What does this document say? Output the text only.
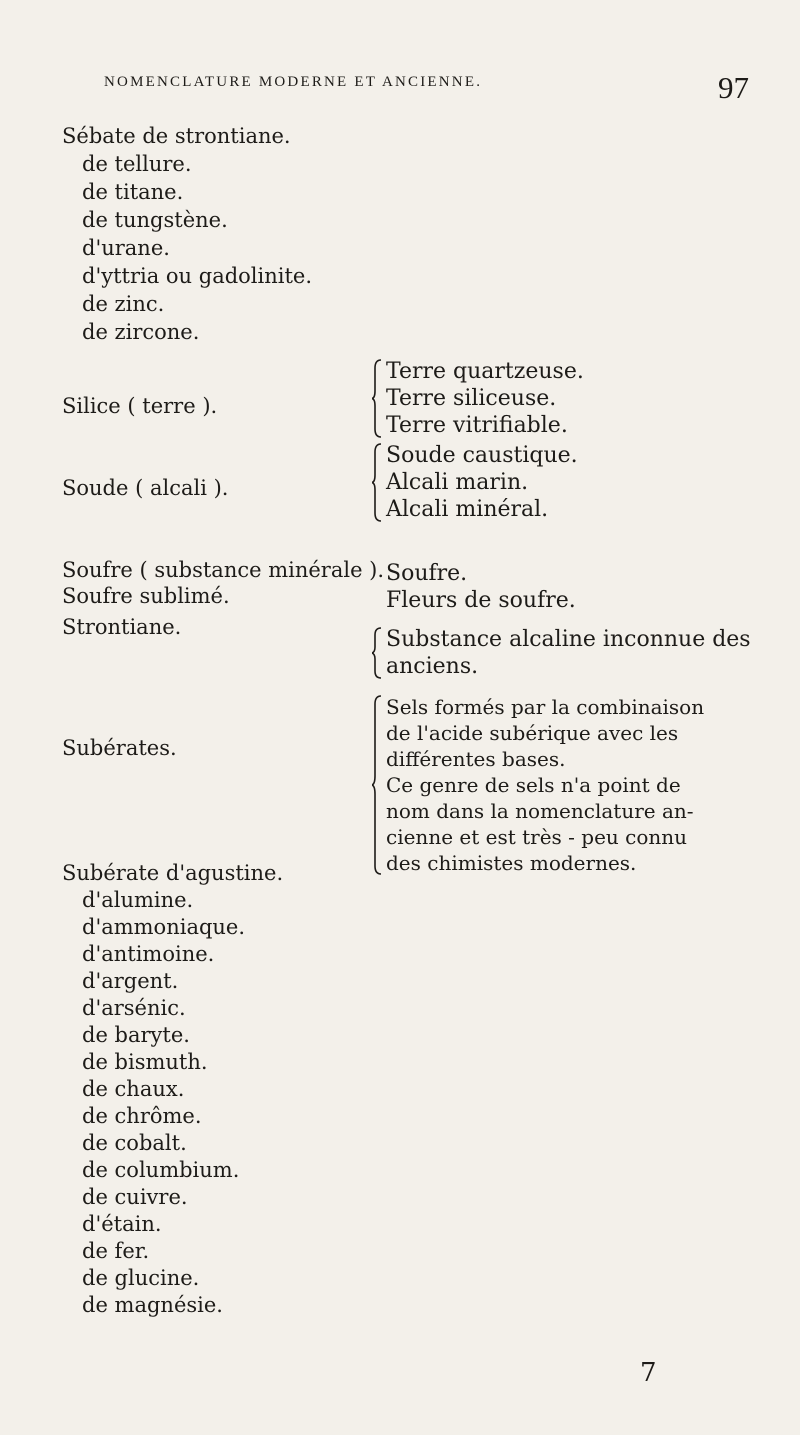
NOMENCLATURE MODERNE ET ANCIENNE.	97
Sébate de strontiane.
de tellure.
de titane.
de tungstène.
d'urane.
d'yttria ou gadolinite.
de zinc.
de zircone.
Silice ( terre ).
Terre quartzeuse.
Terre siliceuse.
Terre vitrifiable.
Soude ( alcali ).
Soude caustique.
Alcali marin.
Alcali minéral.
Soufre ( substance minérale ).
Soufre sublimé.
Soufre.
Fleurs de soufre.
Strontiane.	Substance alcaline inconnue des
anciens.
Subérates.
Sels formés par la combinaison
de l'acide subérique avec les
différentes bases.
Ce genre de sels n'a point de
nom dans la nomenclature an-
cienne et est très - peu connu
des chimistes modernes.
Subérate d'agustine.
d'alumine.
d'ammoniaque.
d'antimoine.
d'argent.
d'arsénic.
de baryte.
de bismuth.
de chaux.
de chrôme.
de cobalt.
de columbium.
de cuivre.
d'étain.
de fer.
de glucine.
de magnésie.
7
